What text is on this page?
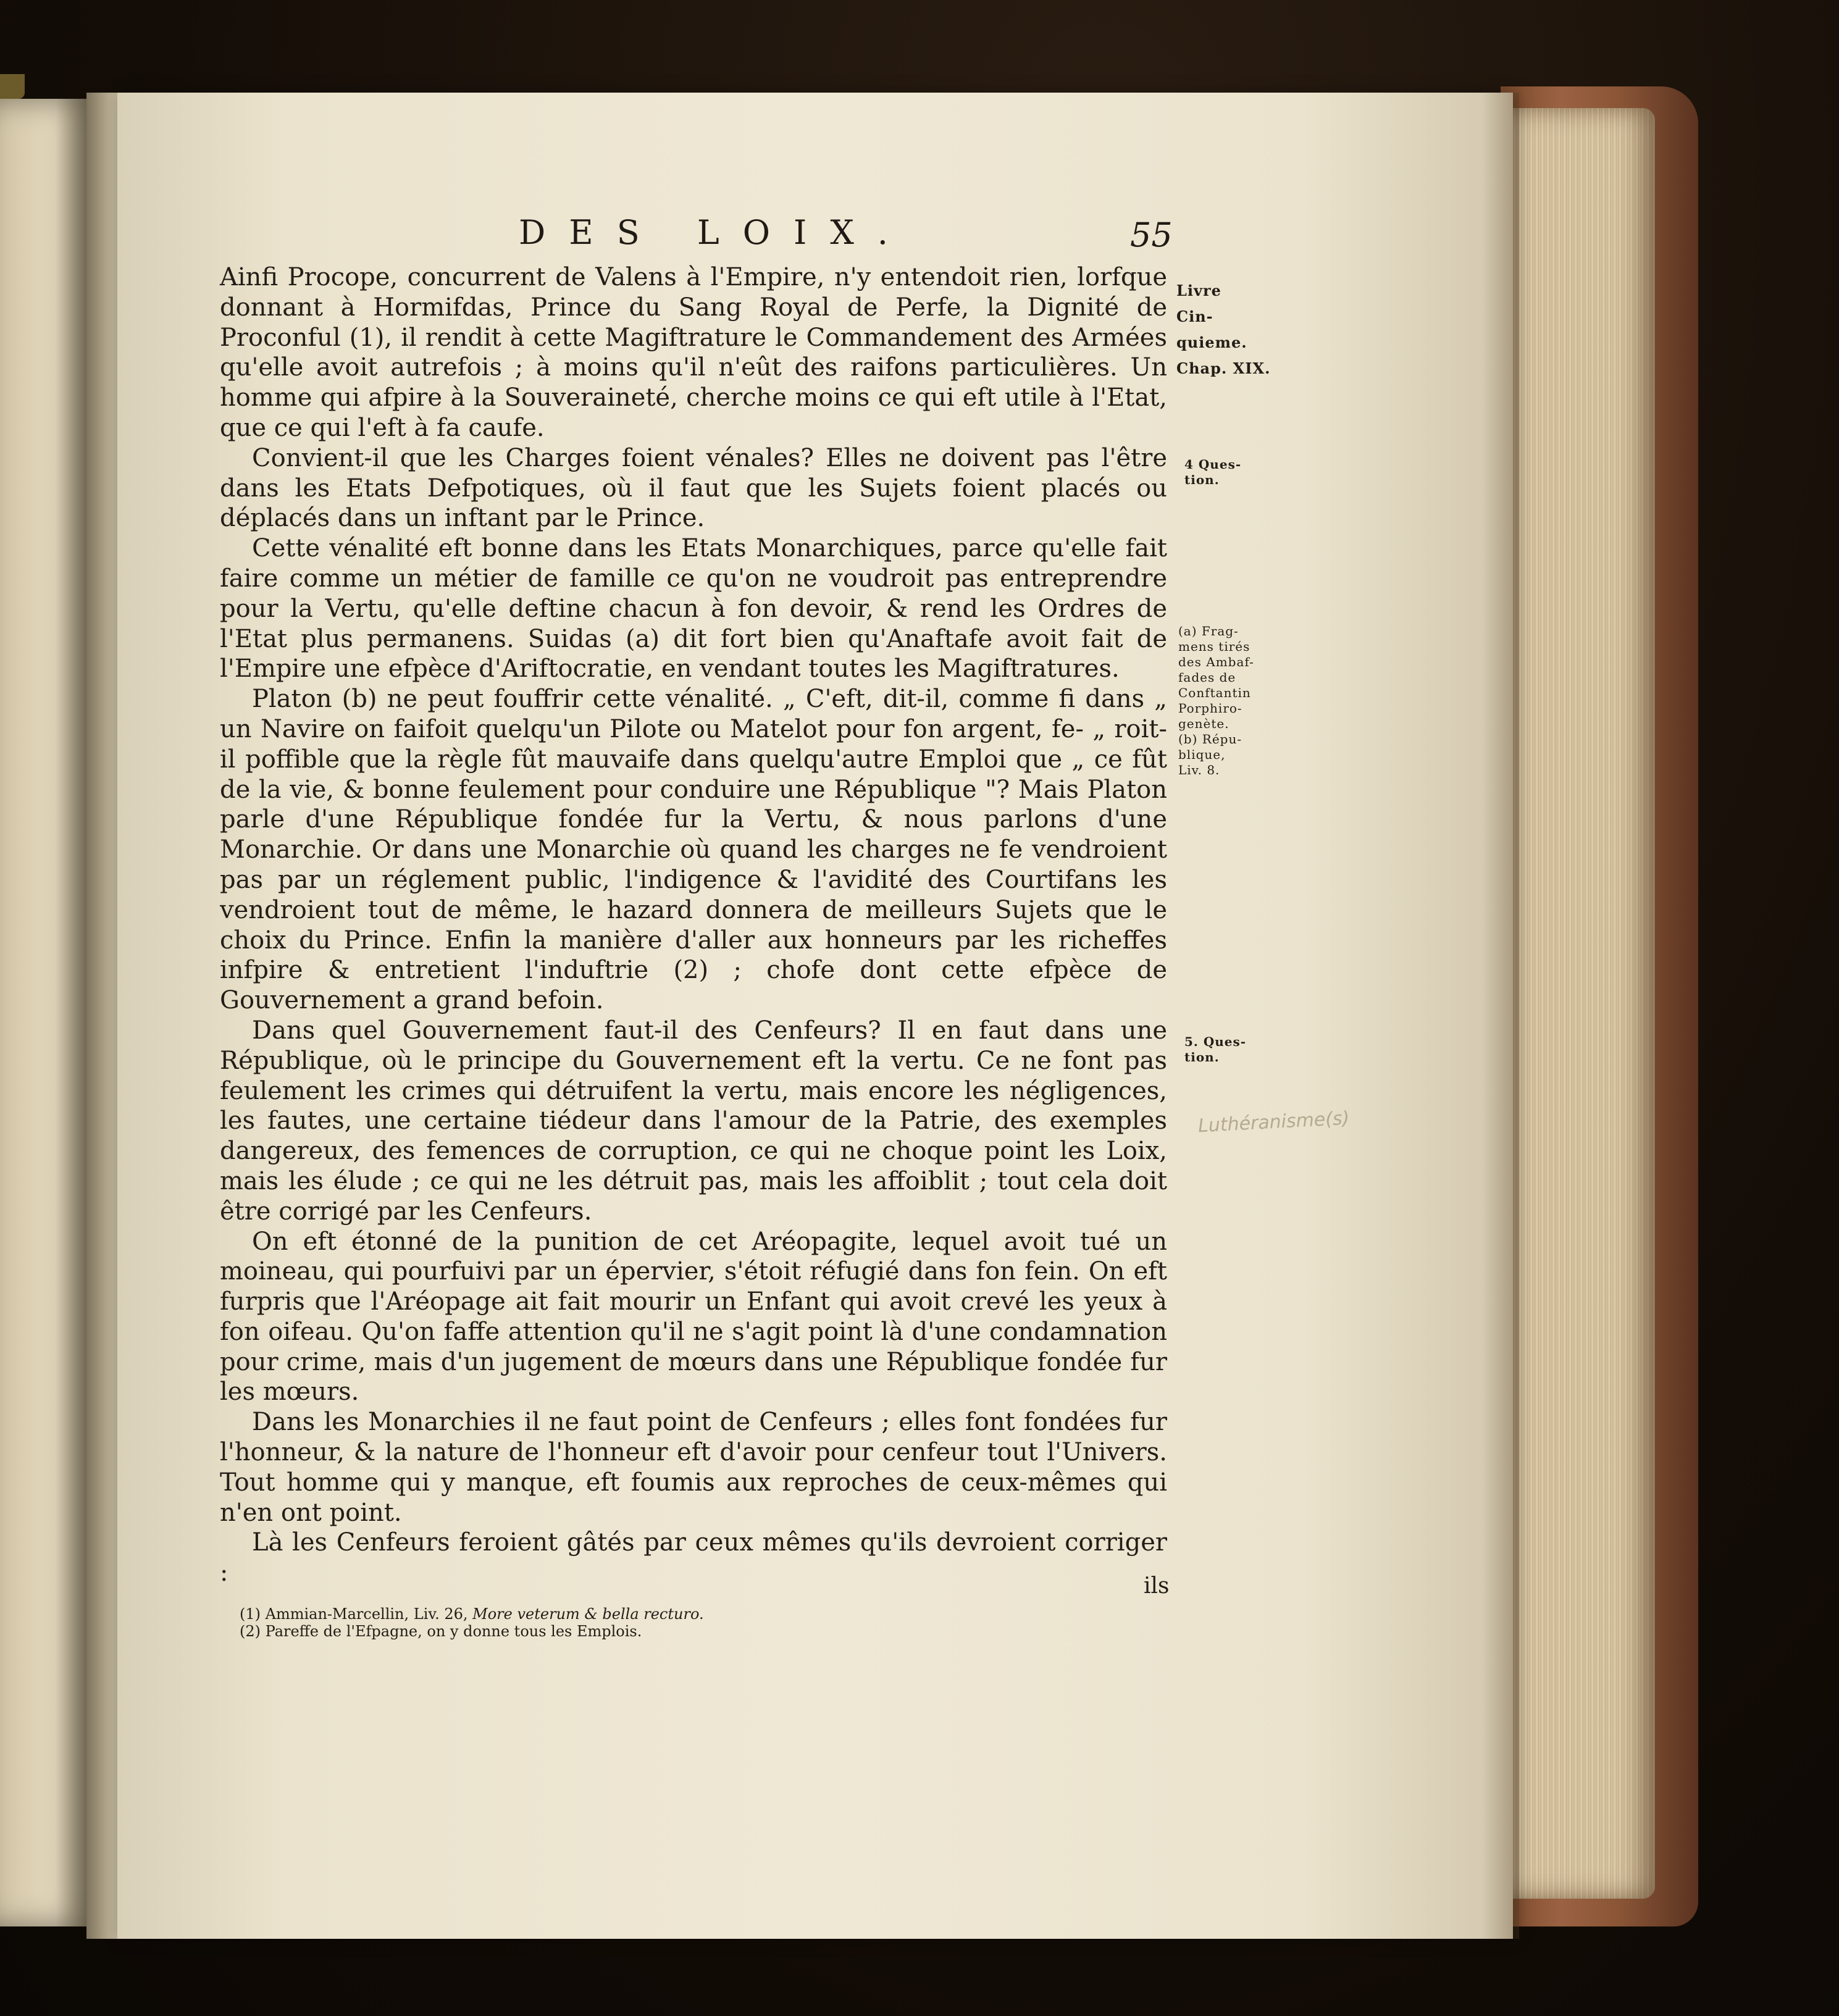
DES LOIX.	55

Ainfi Procope, concurrent de Valens à l'Empire, n'y entendoit rien, lorfque donnant à Hormifdas, Prince du Sang Royal de Perfe, la Dignité de Proconful (1), il rendit à cette Magiftrature le Commandement des Armées qu'elle avoit autrefois ; à moins qu'il n'eût des raifons particulières. Un homme qui afpire à la Souveraineté, cherche moins ce qui eft utile à l'Etat, que ce qui l'eft à fa caufe.

Convient-il que les Charges foient vénales? Elles ne doivent pas l'être dans les Etats Defpotiques, où il faut que les Sujets foient placés ou déplacés dans un inftant par le Prince.

Cette vénalité eft bonne dans les Etats Monarchiques, parce qu'elle fait faire comme un métier de famille ce qu'on ne voudroit pas entreprendre pour la Vertu, qu'elle deftine chacun à fon devoir, & rend les Ordres de l'Etat plus permanens. Suidas (a) dit fort bien qu'Anaftafe avoit fait de l'Empire une efpèce d'Ariftocratie, en vendant toutes les Magiftratures.

Platon (b) ne peut fouffrir cette vénalité. „ C'eft, dit-il, comme fi dans „ un Navire on faifoit quelqu'un Pilote ou Matelot pour fon argent, fe- „ roit-il poffible que la règle fût mauvaife dans quelqu'autre Emploi que „ ce fût de la vie, & bonne feulement pour conduire une République "? Mais Platon parle d'une République fondée fur la Vertu, & nous parlons d'une Monarchie. Or dans une Monarchie où quand les charges ne fe vendroient pas par un réglement public, l'indigence & l'avidité des Courtifans les vendroient tout de même, le hazard donnera de meilleurs Sujets que le choix du Prince. Enfin la manière d'aller aux honneurs par les richeffes infpire & entretient l'induftrie (2) ; chofe dont cette efpèce de Gouvernement a grand befoin.

Dans quel Gouvernement faut-il des Cenfeurs? Il en faut dans une République, où le principe du Gouvernement eft la vertu. Ce ne font pas feulement les crimes qui détruifent la vertu, mais encore les négligences, les fautes, une certaine tiédeur dans l'amour de la Patrie, des exemples dangereux, des femences de corruption, ce qui ne choque point les Loix, mais les élude ; ce qui ne les détruit pas, mais les affoiblit ; tout cela doit être corrigé par les Cenfeurs.

On eft étonné de la punition de cet Aréopagite, lequel avoit tué un moineau, qui pourfuivi par un épervier, s'étoit réfugié dans fon fein. On eft furpris que l'Aréopage ait fait mourir un Enfant qui avoit crevé les yeux à fon oifeau. Qu'on faffe attention qu'il ne s'agit point là d'une condamnation pour crime, mais d'un jugement de mœurs dans une République fondée fur les mœurs.

Dans les Monarchies il ne faut point de Cenfeurs ; elles font fondées fur l'honneur, & la nature de l'honneur eft d'avoir pour cenfeur tout l'Univers. Tout homme qui y manque, eft foumis aux reproches de ceux-mêmes qui n'en ont point.

Là les Cenfeurs feroient gâtés par ceux mêmes qu'ils devroient corriger :

Livre
Cin-
quieme.
Chap. XIX.
4 Ques-
tion.
(a) Frag-
mens tirés
des Ambaf-
fades de
Conftantin
Porphiro-
genète.
(b) Répu-
blique,
Liv. 8.
5. Ques-
tion.
Luthéranisme(s)
ils
(1) Ammian-Marcellin, Liv. 26, More veterum & bella recturo.
(2) Pareffe de l'Efpagne, on y donne tous les Emplois.
